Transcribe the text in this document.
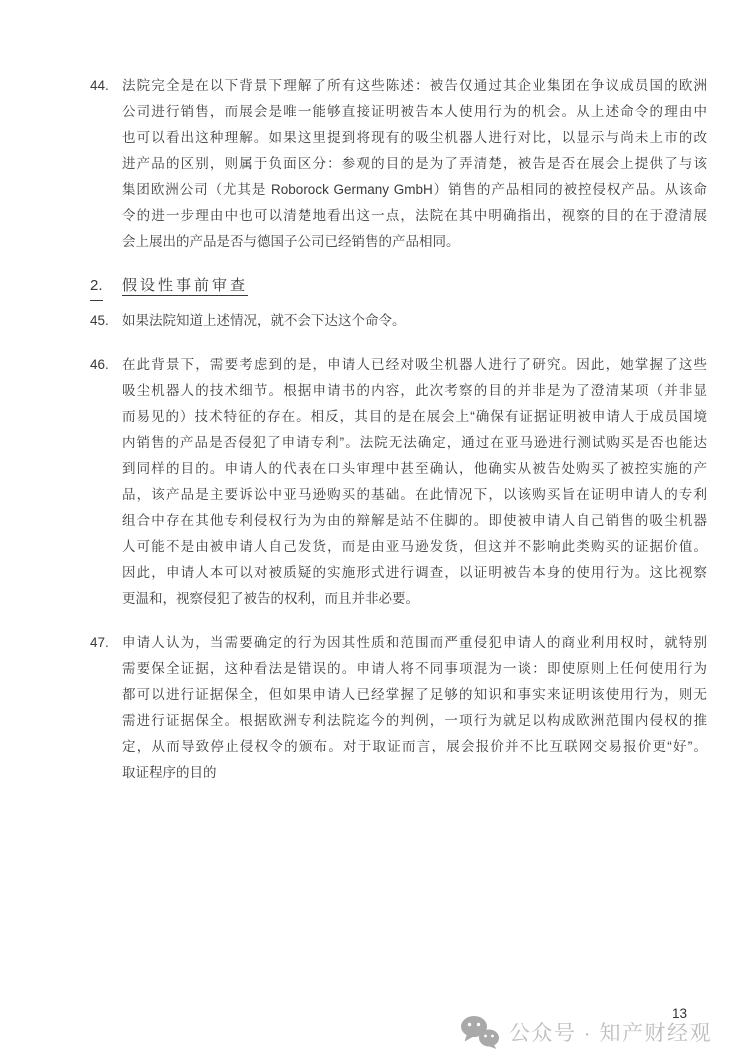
44. 法院完全是在以下背景下理解了所有这些陈述：被告仅通过其企业集团在争议成员国的欧洲
公司进行销售，而展会是唯一能够直接证明被告本人使用行为的机会。从上述命令的理由中
也可以看出这种理解。如果这里提到将现有的吸尘机器人进行对比，以显示与尚未上市的改
进产品的区别，则属于负面区分：参观的目的是为了弄清楚，被告是否在展会上提供了与该
集团欧洲公司（尤其是 Roborock Germany GmbH）销售的产品相同的被控侵权产品。从该命
令的进一步理由中也可以清楚地看出这一点，法院在其中明确指出，视察的目的在于澄清展
会上展出的产品是否与德国子公司已经销售的产品相同。
2. 假设性事前审查
45. 如果法院知道上述情况，就不会下达这个命令。
46. 在此背景下，需要考虑到的是，申请人已经对吸尘机器人进行了研究。因此，她掌握了这些
吸尘机器人的技术细节。根据申请书的内容，此次考察的目的并非是为了澄清某项（并非显
而易见的）技术特征的存在。相反，其目的是在展会上“确保有证据证明被申请人于成员国境
内销售的产品是否侵犯了申请专利”。法院无法确定，通过在亚马逊进行测试购买是否也能达
到同样的目的。申请人的代表在口头审理中甚至确认，他确实从被告处购买了被控实施的产
品，该产品是主要诉讼中亚马逊购买的基础。在此情况下，以该购买旨在证明申请人的专利
组合中存在其他专利侵权行为为由的辩解是站不住脚的。即使被申请人自己销售的吸尘机器
人可能不是由被申请人自己发货，而是由亚马逊发货，但这并不影响此类购买的证据价值。
因此，申请人本可以对被质疑的实施形式进行调查，以证明被告本身的使用行为。这比视察
更温和，视察侵犯了被告的权利，而且并非必要。
47. 申请人认为，当需要确定的行为因其性质和范围而严重侵犯申请人的商业利用权时，就特别
需要保全证据，这种看法是错误的。申请人将不同事项混为一谈：即使原则上任何使用行为
都可以进行证据保全，但如果申请人已经掌握了足够的知识和事实来证明该使用行为，则无
需进行证据保全。根据欧洲专利法院迄今的判例，一项行为就足以构成欧洲范围内侵权的推
定，从而导致停止侵权令的颁布。对于取证而言，展会报价并不比互联网交易报价更“好”。
取证程序的目的
13
公众号 · 知产财经观
